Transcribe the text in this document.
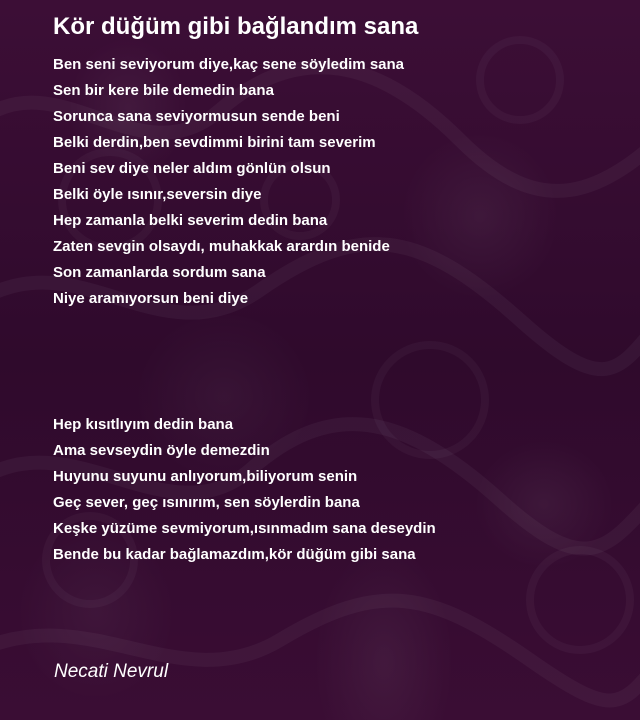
Kör düğüm gibi bağlandım sana
Ben seni seviyorum diye,kaç sene söyledim sana
Sen bir kere bile demedin bana
Sorunca sana seviyormusun sende beni
Belki derdin,ben sevdimmi birini tam severim
Beni sev diye neler aldım gönlün olsun
Belki öyle ısınır,seversin diye
Hep zamanla belki severim dedin bana
Zaten sevgin olsaydı, muhakkak arardın benide
Son zamanlarda sordum sana
Niye aramıyorsun beni diye
Hep kısıtlıyım dedin bana
Ama sevseydin öyle demezdin
Huyunu suyunu anlıyorum,biliyorum senin
Geç sever, geç ısınırım, sen söylerdin bana
Keşke yüzüme sevmiyorum,ısınmadım sana deseydin
Bende bu kadar bağlamazdım,kör düğüm gibi sana
Necati Nevrul
